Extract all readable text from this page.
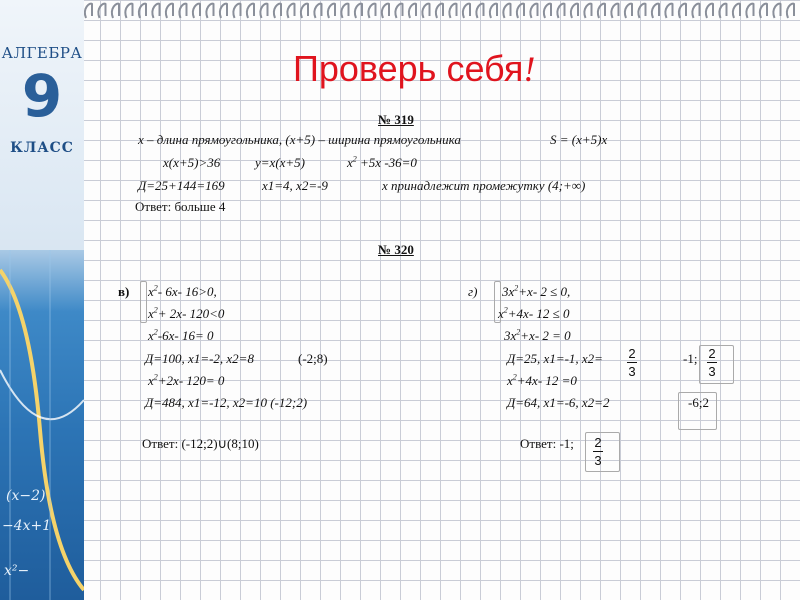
АЛГЕБРА
9
КЛАСС
(x−2)
−4x+1
x²−
Проверь себя!
№ 319
x – длина прямоугольника, (x+5) – ширина прямоугольника	S = (x+5)x
x(x+5)>36	y=x(x+5)	$x^2 +5x$ -36=0
Д=25+144=169	x1=4, x2=-9	x принадлежит промежутку (4;+∞)
Ответ: больше 4
№ 320
в) $x^2-$ 6x- 16>0,
$x^2+ 2x-$ 120<0
$x^2-6x-$ 16= 0
Д=100, x1=-2, x2=8	(-2;8)
$x^2+2x-$ 120= 0
Д=484, x1=-12, x2=10 (-12;2)
Ответ: (-12;2)∪(8;10)
г) $3x^2+x-$ 2 ≤ 0,
$x^2+4x-$ 12 ≤ 0
$3x^2+x-$ 2 = 0
Д=25, x1=-1, x2= 2
3
-1; 2
3
$x^2+4x-$ 12 =0
Д=64, x1=-6, x2=2	-6;2
Ответ: -1; 2
3
